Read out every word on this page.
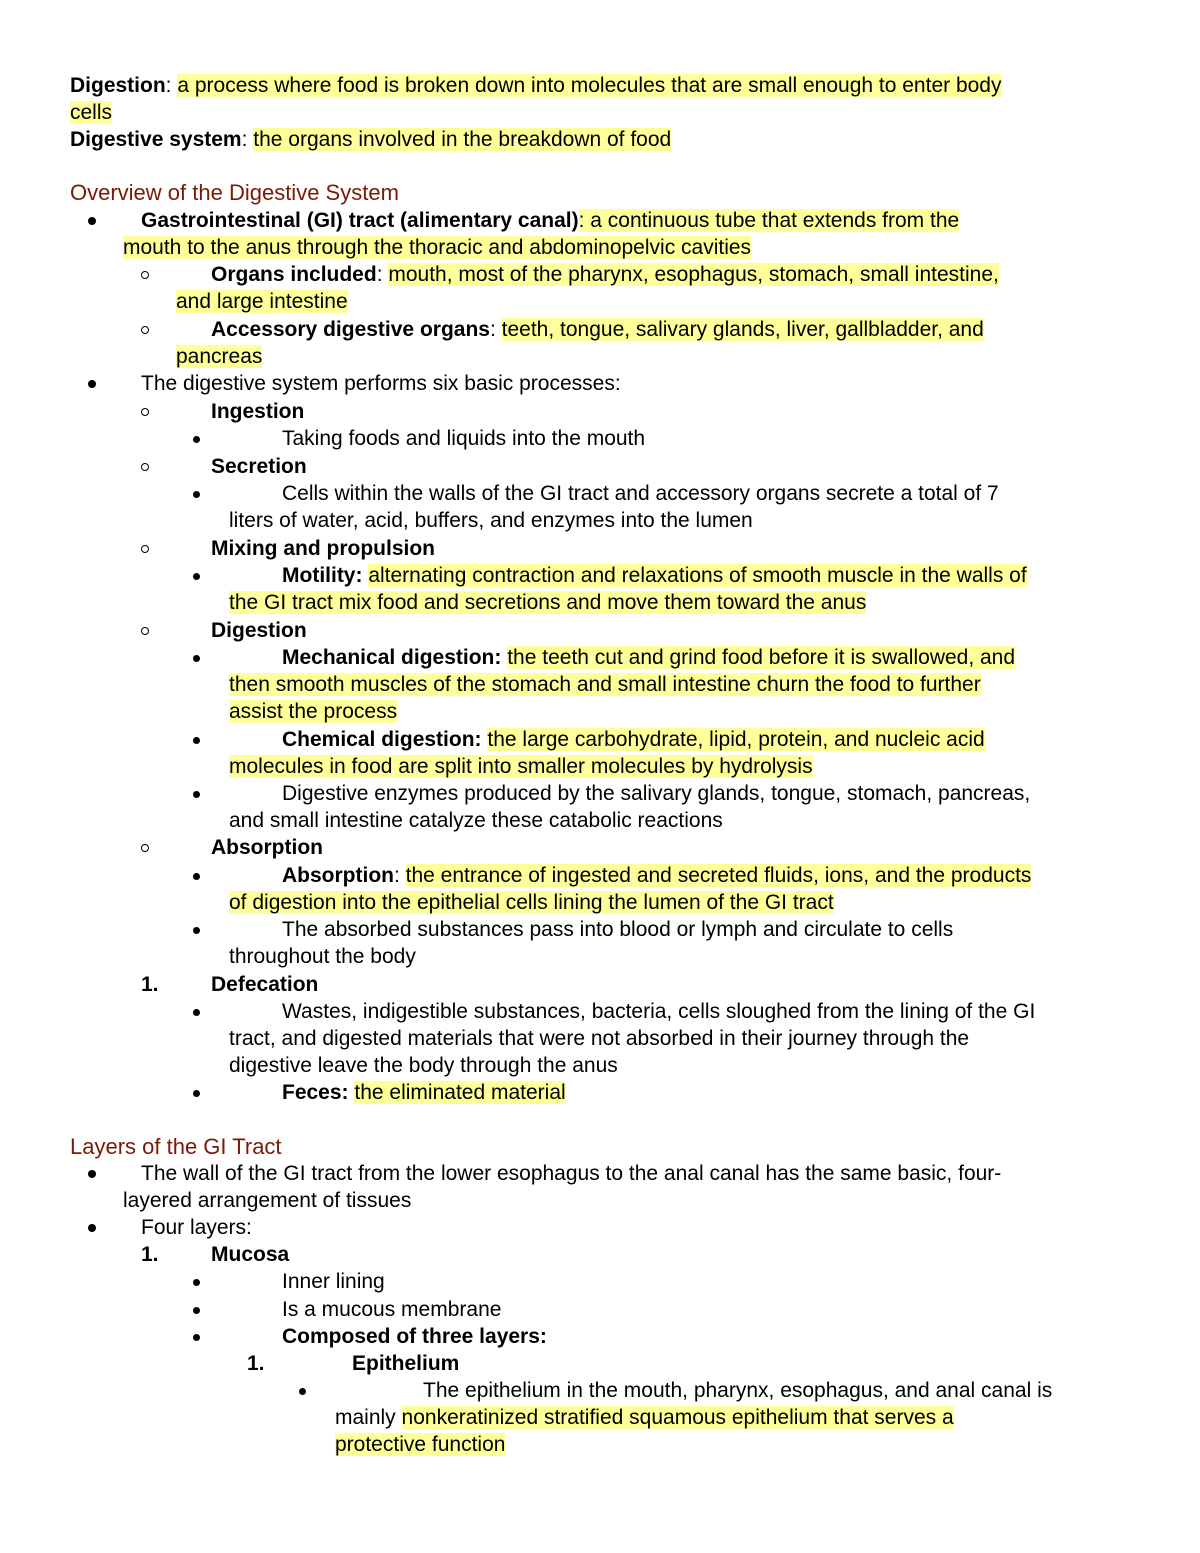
Digestion: a process where food is broken down into molecules that are small enough to enter body
cells
Digestive system: the organs involved in the breakdown of food
Overview of the Digestive System
Gastrointestinal (GI) tract (alimentary canal): a continuous tube that extends from the
mouth to the anus through the thoracic and abdominopelvic cavities
Organs included: mouth, most of the pharynx, esophagus, stomach, small intestine,
and large intestine
Accessory digestive organs: teeth, tongue, salivary glands, liver, gallbladder, and
pancreas
The digestive system performs six basic processes:
Ingestion
Taking foods and liquids into the mouth
Secretion
Cells within the walls of the GI tract and accessory organs secrete a total of 7
liters of water, acid, buffers, and enzymes into the lumen
Mixing and propulsion
Motility: alternating contraction and relaxations of smooth muscle in the walls of
the GI tract mix food and secretions and move them toward the anus
Digestion
Mechanical digestion: the teeth cut and grind food before it is swallowed, and
then smooth muscles of the stomach and small intestine churn the food to further
assist the process
Chemical digestion: the large carbohydrate, lipid, protein, and nucleic acid
molecules in food are split into smaller molecules by hydrolysis
Digestive enzymes produced by the salivary glands, tongue, stomach, pancreas,
and small intestine catalyze these catabolic reactions
Absorption
Absorption: the entrance of ingested and secreted fluids, ions, and the products
of digestion into the epithelial cells lining the lumen of the GI tract
The absorbed substances pass into blood or lymph and circulate to cells
throughout the body
1. Defecation
Wastes, indigestible substances, bacteria, cells sloughed from the lining of the GI
tract, and digested materials that were not absorbed in their journey through the
digestive leave the body through the anus
Feces: the eliminated material
Layers of the GI Tract
The wall of the GI tract from the lower esophagus to the anal canal has the same basic, four-
layered arrangement of tissues
Four layers:
1. Mucosa
Inner lining
Is a mucous membrane
Composed of three layers:
1.	Epithelium
The epithelium in the mouth, pharynx, esophagus, and anal canal is
mainly nonkeratinized stratified squamous epithelium that serves a
protective function
